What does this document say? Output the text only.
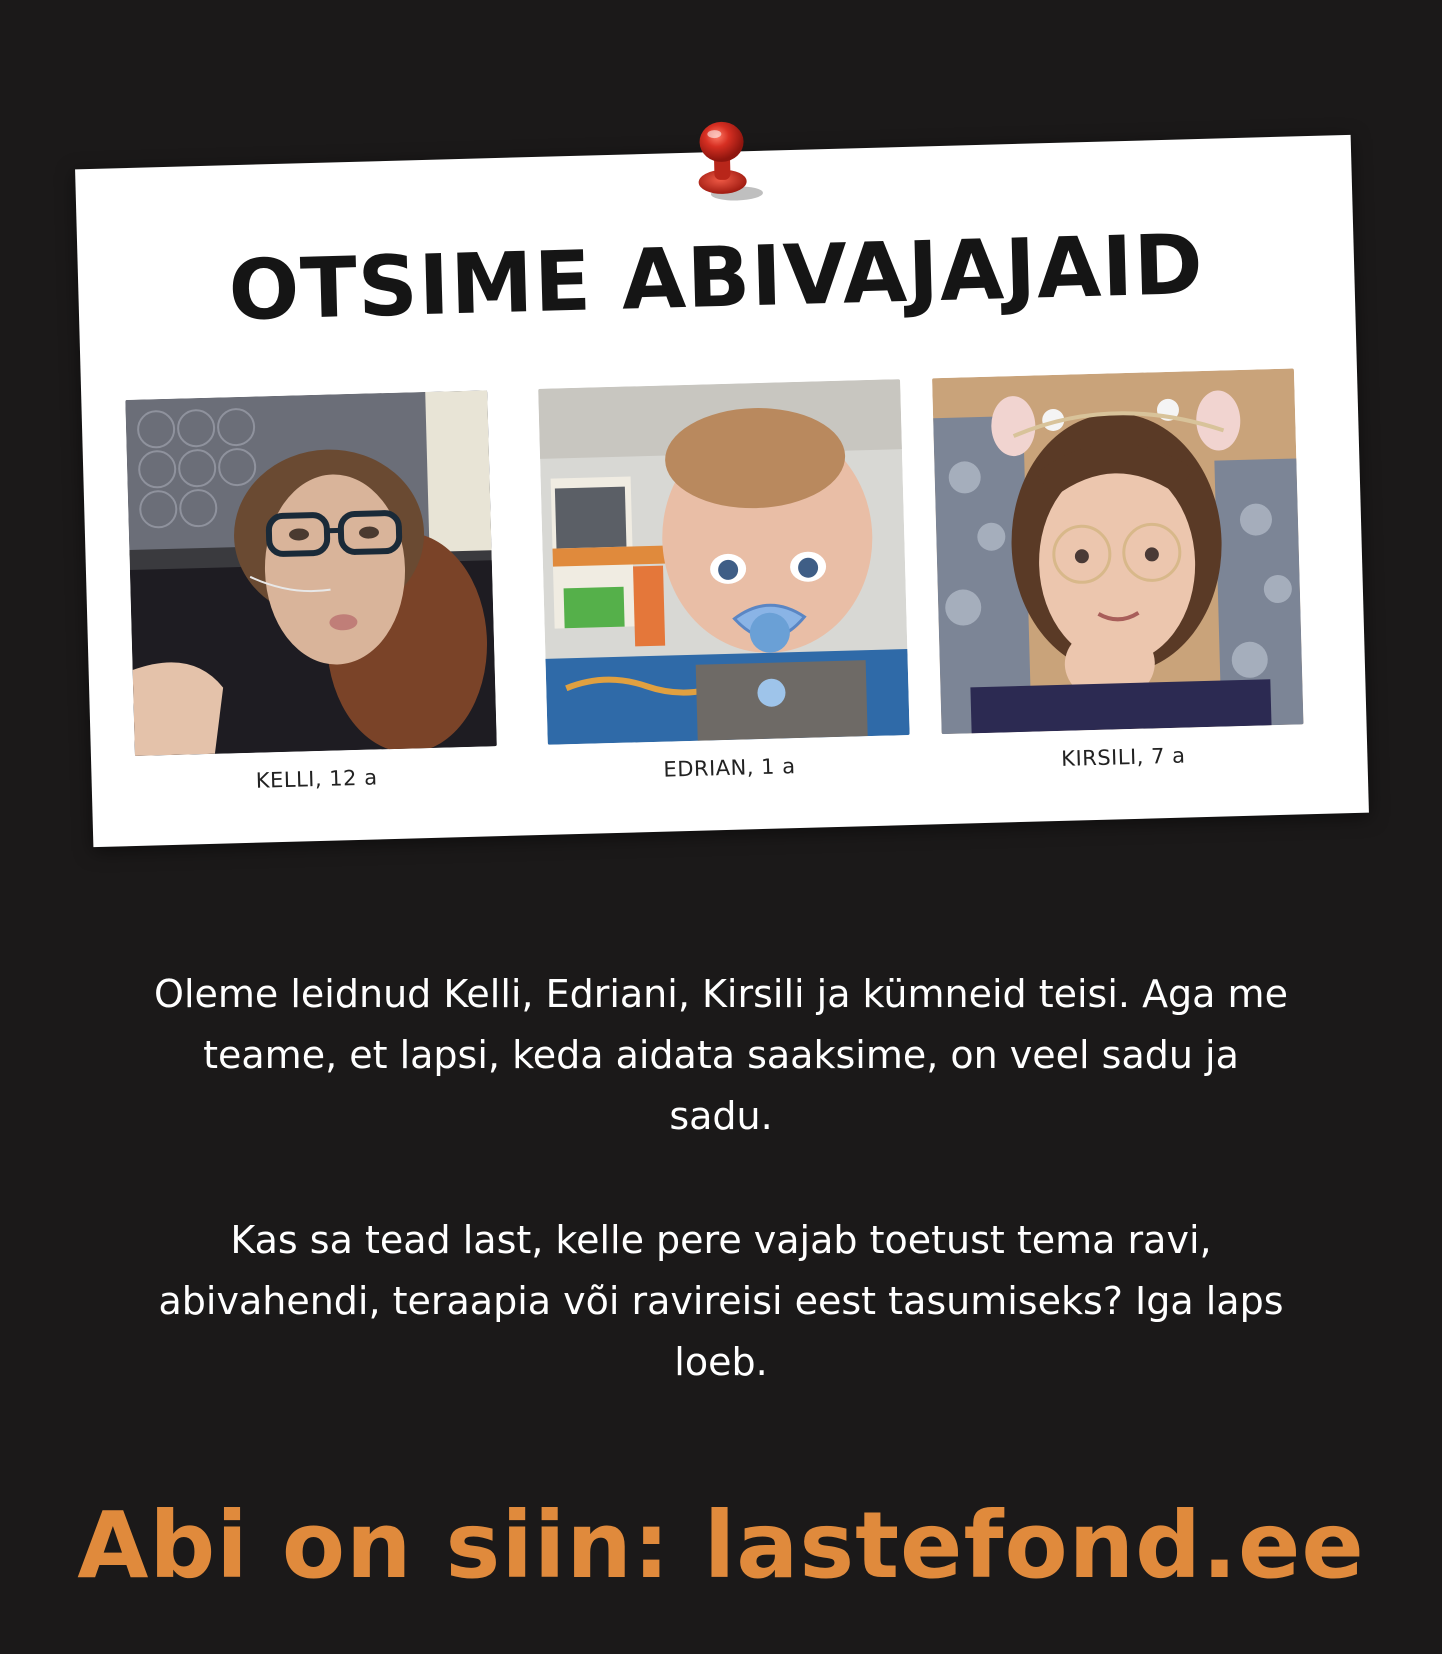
OTSIME ABIVAJAJAID
KELLI, 12 a	EDRIAN, 1 a	KIRSILI, 7 a
Oleme leidnud Kelli, Edriani, Kirsili ja kümneid teisi. Aga me teame, et lapsi, keda aidata saaksime, on veel sadu ja sadu.
Kas sa tead last, kelle pere vajab toetust tema ravi, abivahendi, teraapia või ravireisi eest tasumiseks? Iga laps loeb.
Abi on siin: lastefond.ee
